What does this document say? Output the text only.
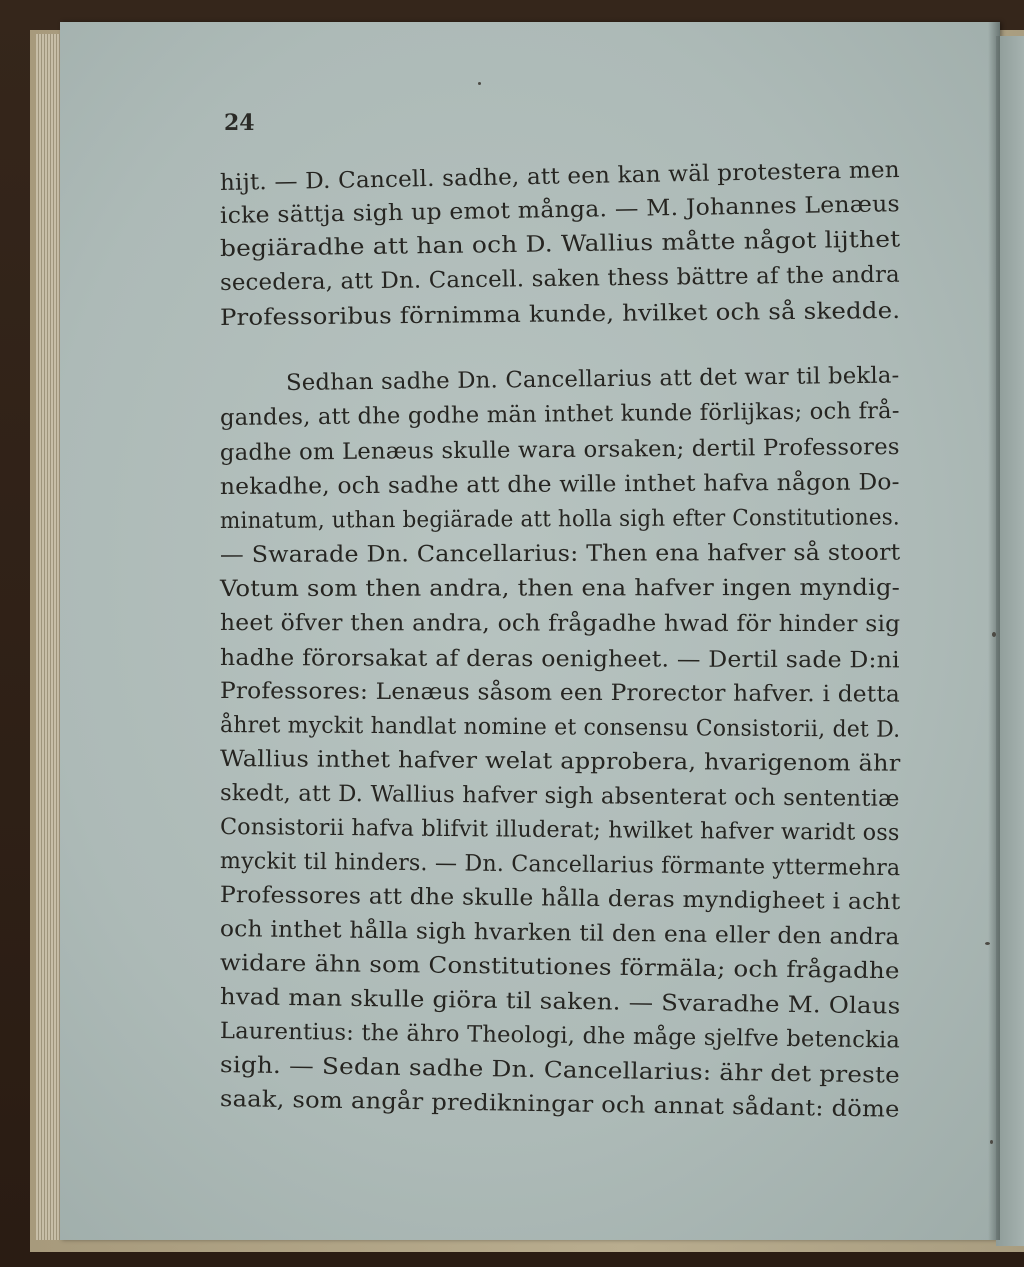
24
hijt. — D. Cancell. sadhe, att een kan wäl protestera men
icke sättja sigh up emot många. — M. Johannes Lenæus
begiäradhe att han och D. Wallius måtte något lijthet
secedera, att Dn. Cancell. saken thess bättre af the andra
Professoribus förnimma kunde, hvilket och så skedde.
Sedhan sadhe Dn. Cancellarius att det war til bekla-
gandes, att dhe godhe män inthet kunde förlijkas; och frå-
gadhe om Lenæus skulle wara orsaken; dertil Professores
nekadhe, och sadhe att dhe wille inthet hafva någon Do-
minatum, uthan begiärade att holla sigh efter Constitutiones.
— Swarade Dn. Cancellarius: Then ena hafver så stoort
Votum som then andra, then ena hafver ingen myndig-
heet öfver then andra, och frågadhe hwad för hinder sig
hadhe förorsakat af deras oenigheet. — Dertil sade D:ni
Professores: Lenæus såsom een Prorector hafver. i detta
åhret myckit handlat nomine et consensu Consistorii, det D.
Wallius inthet hafver welat approbera, hvarigenom ähr
skedt, att D. Wallius hafver sigh absenterat och sententiæ
Consistorii hafva blifvit illuderat; hwilket hafver waridt oss
myckit til hinders. — Dn. Cancellarius förmante yttermehra
Professores att dhe skulle hålla deras myndigheet i acht
och inthet hålla sigh hvarken til den ena eller den andra
widare ähn som Constitutiones förmäla; och frågadhe
hvad man skulle giöra til saken. — Svaradhe M. Olaus
Laurentius: the ähro Theologi, dhe måge sjelfve betenckia
sigh. — Sedan sadhe Dn. Cancellarius: ähr det preste
saak, som angår predikningar och annat sådant: döme
